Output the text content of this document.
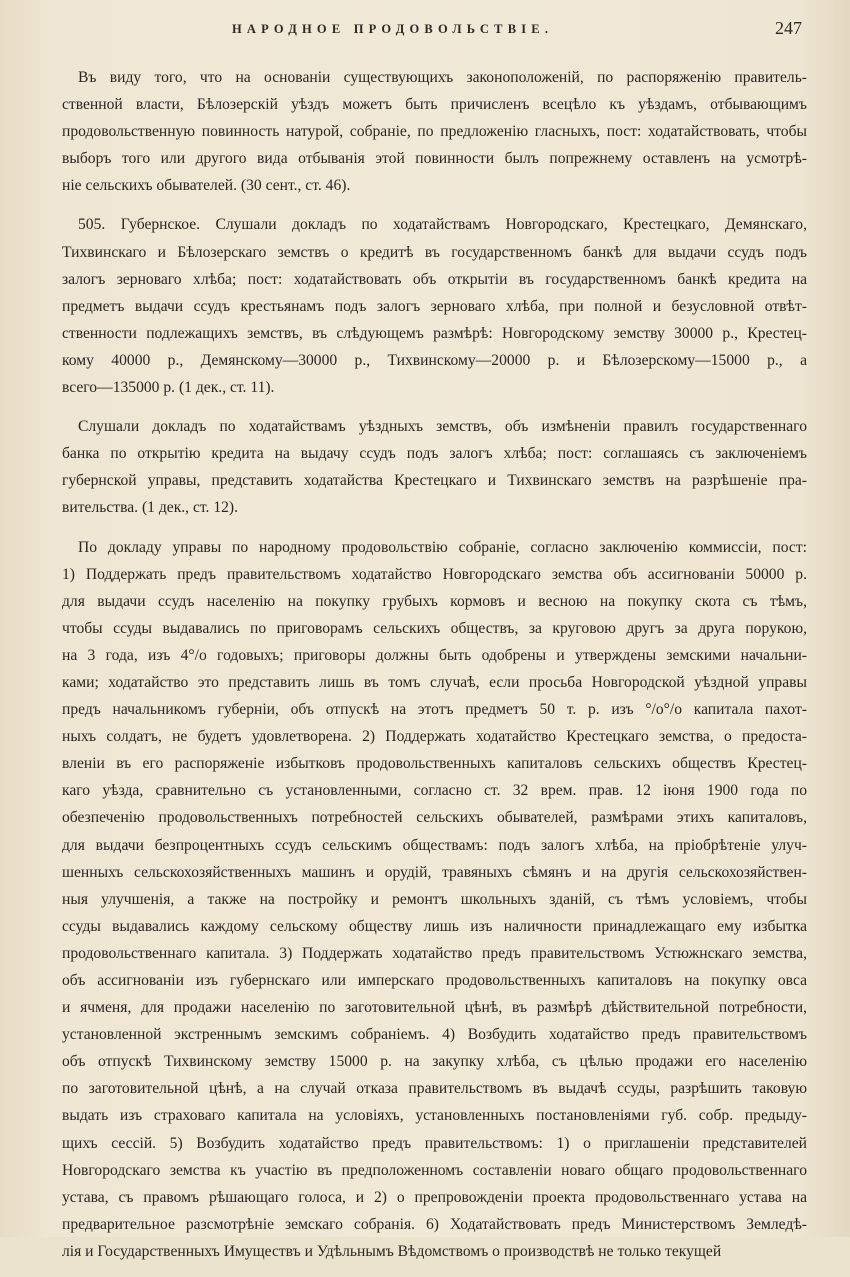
НАРОДНОЕ ПРОДОВОЛЬСТВІЕ.	247

Въ виду того, что на основаніи существующихъ законоположеній, по распоряженію правитель-
ственной власти, Бѣлозерскій уѣздъ можетъ быть причисленъ всецѣло къ уѣздамъ, отбывающимъ
продовольственную повинность натурой, собраніе, по предложенію гласныхъ, пост: ходатайствовать, чтобы
выборъ того или другого вида отбыванія этой повинности былъ попрежнему оставленъ на усмотрѣ-
ніе сельскихъ обывателей. (30 сент., ст. 46).

505. Губернское. Слушали докладъ по ходатайствамъ Новгородскаго, Крестецкаго, Демянскаго,
Тихвинскаго и Бѣлозерскаго земствъ о кредитѣ въ государственномъ банкѣ для выдачи ссудъ подъ
залогъ зерноваго хлѣба; пост: ходатайствовать объ открытіи въ государственномъ банкѣ кредита на
предметъ выдачи ссудъ крестьянамъ подъ залогъ зерноваго хлѣба, при полной и безусловной отвѣт-
ственности подлежащихъ земствъ, въ слѣдующемъ размѣрѣ: Новгородскому земству 30000 р., Крестец-
кому 40000 р., Демянскому—30000 р., Тихвинскому—20000 р. и Бѣлозерскому—15000 р., а
всего—135000 р. (1 дек., ст. 11).

Слушали докладъ по ходатайствамъ уѣздныхъ земствъ, объ измѣненіи правилъ государственнаго
банка по открытію кредита на выдачу ссудъ подъ залогъ хлѣба; пост: соглашаясь съ заключеніемъ
губернской управы, представить ходатайства Крестецкаго и Тихвинскаго земствъ на разрѣшеніе пра-
вительства. (1 дек., ст. 12).

По докладу управы по народному продовольствію собраніе, согласно заключенію коммиссіи, пост:
1) Поддержать предъ правительствомъ ходатайство Новгородскаго земства объ ассигнованіи 50000 р.
для выдачи ссудъ населенію на покупку грубыхъ кормовъ и весною на покупку скота съ тѣмъ,
чтобы ссуды выдавались по приговорамъ сельскихъ обществъ, за круговою другъ за друга порукою,
на 3 года, изъ 4°/о годовыхъ; приговоры должны быть одобрены и утверждены земскими начальни-
ками; ходатайство это представить лишь въ томъ случаѣ, если просьба Новгородской уѣздной управы
предъ начальникомъ губерніи, объ отпускѣ на этотъ предметъ 50 т. р. изъ °/о°/о капитала пахот-
ныхъ солдатъ, не будетъ удовлетворена. 2) Поддержать ходатайство Крестецкаго земства, о предоста-
вленіи въ его распоряженіе избытковъ продовольственныхъ капиталовъ сельскихъ обществъ Крестец-
каго уѣзда, сравнительно съ установленными, согласно ст. 32 врем. прав. 12 іюня 1900 года по
обезпеченію продовольственныхъ потребностей сельскихъ обывателей, размѣрами этихъ капиталовъ,
для выдачи безпроцентныхъ ссудъ сельскимъ обществамъ: подъ залогъ хлѣба, на пріобрѣтеніе улуч-
шенныхъ сельскохозяйственныхъ машинъ и орудій, травяныхъ сѣмянъ и на другія сельскохозяйствен-
ныя улучшенія, а также на постройку и ремонтъ школьныхъ зданій, съ тѣмъ условіемъ, чтобы
ссуды выдавались каждому сельскому обществу лишь изъ наличности принадлежащаго ему избытка
продовольственнаго капитала. 3) Поддержать ходатайство предъ правительствомъ Устюжнскаго земства,
объ ассигнованіи изъ губернскаго или имперскаго продовольственныхъ капиталовъ на покупку овса
и ячменя, для продажи населенію по заготовительной цѣнѣ, въ размѣрѣ дѣйствительной потребности,
установленной экстреннымъ земскимъ собраніемъ. 4) Возбудить ходатайство предъ правительствомъ
объ отпускѣ Тихвинскому земству 15000 р. на закупку хлѣба, съ цѣлью продажи его населенію
по заготовительной цѣнѣ, а на случай отказа правительствомъ въ выдачѣ ссуды, разрѣшить таковую
выдать изъ страховаго капитала на условіяхъ, установленныхъ постановленіями губ. собр. предыду-
щихъ сессій. 5) Возбудить ходатайство предъ правительствомъ: 1) о приглашеніи представителей
Новгородскаго земства къ участію въ предположенномъ составленіи новаго общаго продовольственнаго
устава, съ правомъ рѣшающаго голоса, и 2) о препровожденіи проекта продовольственнаго устава на
предварительное разсмотрѣніе земскаго собранія. 6) Ходатайствовать предъ Министерствомъ Земледѣ-
лія и Государственныхъ Имуществъ и Удѣльнымъ Вѣдомствомъ о производствѣ не только текущей
